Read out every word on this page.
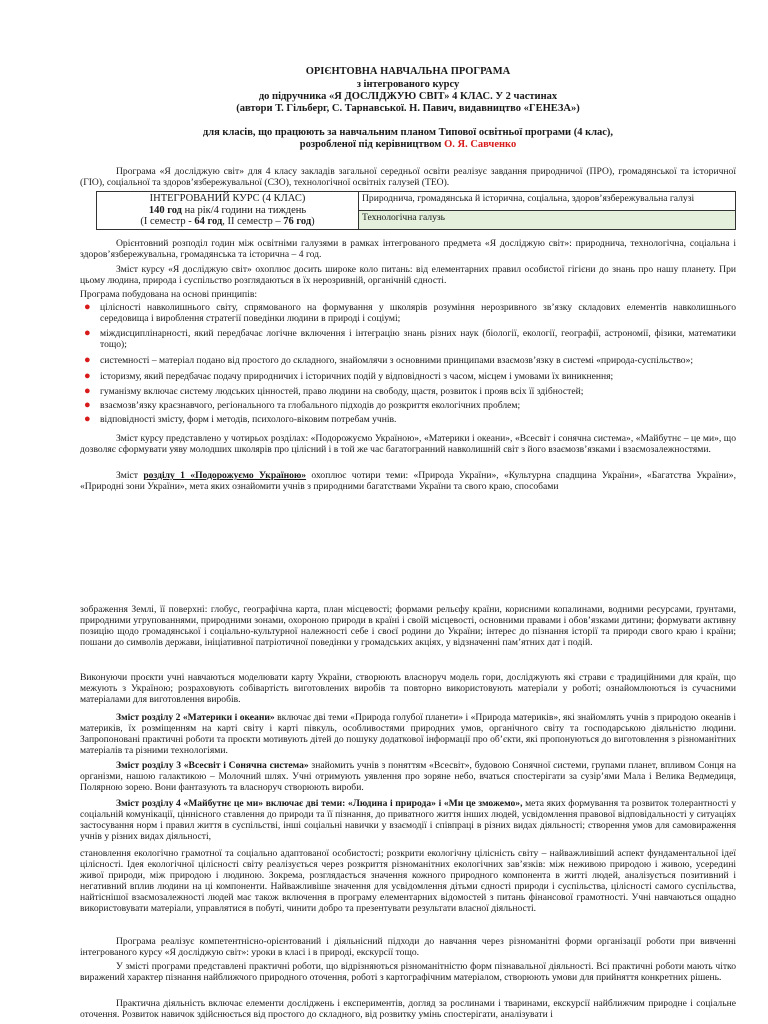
ОРІЄНТОВНА НАВЧАЛЬНА ПРОГРАМА
з інтегрованого курсу
до підручника «Я ДОСЛІДЖУЮ СВІТ» 4 КЛАС. У 2 частинах
(автори Т. Гільберг, С. Тарнавської. Н. Павич, видавництво «ГЕНЕЗА»)
для класів, що працюють за навчальним планом Типової освітньої програми (4 клас),
розробленої під керівництвом О. Я. Савченко
Програма «Я досліджую світ» для 4 класу закладів загальної середньої освіти реалізує завдання природничої (ПРО), громадянської та історичної (ГІО), соціальної та здоров’язбережувальної (СЗО), технологічної освітніх галузей (ТЕО).
ІНТЕГРОВАНИЙ КУРС (4 КЛАС)
140 год на рік/4 години на тиждень
(І семестр - 64 год, ІІ семестр – 76 год)
	Природнича, громадянська й історична, соціальна, здоров’язбережувальна галузі
Технологічна галузь
Орієнтовний розподіл годин між освітніми галузями в рамках інтегрованого предмета «Я досліджую світ»: природнича, технологічна, соціальна і здоров’язбережувальна, громадянська та історична – 4 год.
Зміст курсу «Я досліджую світ» охоплює досить широке коло питань: від елементарних правил особистої гігієни до знань про нашу планету. При цьому людина, природа і суспільство розглядаються в їх нерозривній, органічній єдності.
Програма побудована на основі принципів:
● цілісності навколишнього світу, спрямованого на формування у школярів розуміння нерозривного зв’язку складових елементів навколишнього середовища і вироблення стратегії поведінки людини в природі і соціумі;
● міждисциплінарності, який передбачає логічне включення і інтеграцію знань різних наук (біології, екології, географії, астрономії, фізики, математики тощо);
● системності – матеріал подано від простого до складного, знайомлячи з основними принципами взаємозв’язку в системі «природа-суспільство»;
● історизму, який передбачає подачу природничих і історичних подій у відповідності з часом, місцем і умовами їх виникнення;
● гуманізму включає систему людських цінностей, право людини на свободу, щастя, розвиток і прояв всіх її здібностей;
● взаємозв’язку краєзнавчого, регіонального та глобального підходів до розкриття екологічних проблем;
● відповідності змісту, форм і методів, психолого-віковим потребам учнів.
Зміст курсу представлено у чотирьох розділах: «Подорожуємо Україною», «Материки і океани», «Всесвіт і сонячна система», «Майбутнє – це ми», що дозволяє сформувати уяву молодших школярів про цілісний і в той же час багатогранний навколишній світ з його взаємозв’язками і взаємозалежностями.
Зміст розділу 1 «Подорожуємо Україною» охоплює чотири теми: «Природа України», «Культурна спадщина України», «Багатства України», «Природні зони України», мета яких ознайомити учнів з природними багатствами України та свого краю, способами
зображення Землі, її поверхні: глобус, географічна карта, план місцевості; формами рельєфу країни, корисними копалинами, водними ресурсами, ґрунтами, природними угрупованнями, природними зонами, охороною природи в країні і своїй місцевості, основними правами і обов’язками дитини; формувати активну позицію щодо громадянської і соціально-культурної належності себе і своєї родини до України; інтерес до пізнання історії та природи свого краю і країни; пошани до символів держави, ініціативної патріотичної поведінки у громадських акціях, у відзначенні пам’ятних дат і подій.
Виконуючи проєкти учні навчаються моделювати карту України, створюють власноруч модель гори, досліджують які страви є традиційними для країн, що межують з Україною; розраховують собівартість виготовлених виробів та повторно використовують матеріали у роботі; ознайомлюються із сучасними матеріалами для виготовлення виробів.
Зміст розділу 2 «Материки і океани» включає дві теми «Природа голубої планети» і «Природа материків», які знайомлять учнів з природою океанів і материків, їх розміщенням на карті світу і карті півкуль, особливостями природних умов, органічного світу та господарською діяльністю людини. Запропоновані практичні роботи та проєкти мотивують дітей до пошуку додаткової інформації про об’єкти, які пропонуються до виготовлення з різноманітних матеріалів та різними технологіями.
Зміст розділу 3 «Всесвіт і Сонячна система» знайомить учнів з поняттям «Всесвіт», будовою Сонячної системи, групами планет, впливом Сонця на організми, нашою галактикою – Молочний шлях. Учні отримують уявлення про зоряне небо, вчаться спостерігати за сузір’ями Мала і Велика Ведмедиця, Полярною зорею. Вони фантазують та власноруч створюють вироби.
Зміст розділу 4 «Майбутнє це ми» включає дві теми: «Людина і природа» і «Ми це зможемо», мета яких формування та розвиток толерантності у соціальній комунікації, ціннісного ставлення до природи та її пізнання, до приватного життя інших людей, усвідомлення правової відповідальності у ситуаціях застосування норм і правил життя в суспільстві, інші соціальні навички у взаємодії і співпраці в різних видах діяльності; створення умов для самовираження учнів у різних видах діяльності,
становлення екологічно грамотної та соціально адаптованої особистості; розкрити екологічну цілісність світу – найважливіший аспект фундаментальної ідеї цілісності. Ідея екологічної цілісності світу реалізується через розкриття різноманітних екологічних зав’язків: між неживою природою і живою, усередині живої природи, між природою і людиною. Зокрема, розглядається значення кожного природного компонента в житті людей, аналізується позитивний і негативний вплив людини на ці компоненти. Найважливіше значення для усвідомлення дітьми єдності природи і суспільства, цілісності самого суспільства, найтіснішої взаємозалежності людей має також включення в програму елементарних відомостей з питань фінансової грамотності. Учні навчаються ощадно використовувати матеріали, управлятися в побуті, чинити добро та презентувати результати власної діяльності.
Програма реалізує компетентнісно-орієнтований і діяльнісний підходи до навчання через різноманітні форми організації роботи при вивченні інтегрованого курсу «Я досліджую світ»: уроки в класі і в природі, екскурсії тощо.
У змісті програми представлені практичні роботи, що відрізняються різноманітністю форм пізнавальної діяльності. Всі практичні роботи мають чітко виражений характер пізнання найближчого природного оточення, роботі з картографічним матеріалом, створюють умови для прийняття конкретних рішень.
Практична діяльність включає елементи досліджень і експериментів, догляд за рослинами і тваринами, екскурсії найближчим природне і соціальне оточення. Розвиток навичок здійснюється від простого до складного, від розвитку умінь спостерігати, аналізувати і
